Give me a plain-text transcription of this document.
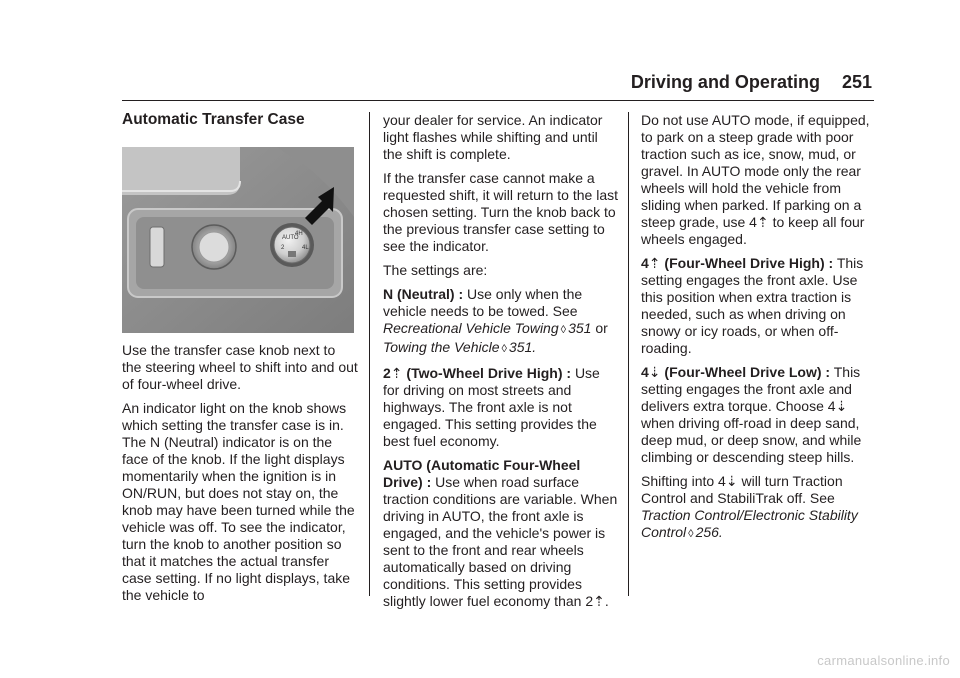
Driving and Operating 251
Automatic Transfer Case
AUTO
4H
2	4L

Use the transfer case knob next to the steering wheel to shift into and out of four-wheel drive.

An indicator light on the knob shows which setting the transfer case is in. The N (Neutral) indicator is on the face of the knob. If the light displays momentarily when the ignition is in ON/RUN, but does not stay on, the knob may have been turned while the vehicle was off. To see the indicator, turn the knob to another position so that it matches the actual transfer case setting. If no light displays, take the vehicle to

your dealer for service. An indicator light flashes while shifting and until the shift is complete.

If the transfer case cannot make a requested shift, it will return to the last chosen setting. Turn the knob back to the previous transfer case setting to see the indicator.

The settings are:

N (Neutral) : Use only when the vehicle needs to be towed. See Recreational Vehicle Towing ◊ 351 or Towing the Vehicle ◊ 351.

2⇡ (Two-Wheel Drive High) : Use for driving on most streets and highways. The front axle is not engaged. This setting provides the best fuel economy.

AUTO (Automatic Four-Wheel Drive) : Use when road surface traction conditions are variable. When driving in AUTO, the front axle is engaged, and the vehicle's power is sent to the front and rear wheels automatically based on driving conditions. This setting provides slightly lower fuel economy than 2⇡.

Do not use AUTO mode, if equipped, to park on a steep grade with poor traction such as ice, snow, mud, or gravel. In AUTO mode only the rear wheels will hold the vehicle from sliding when parked. If parking on a steep grade, use 4⇡ to keep all four wheels engaged.

4⇡ (Four-Wheel Drive High) : This setting engages the front axle. Use this position when extra traction is needed, such as when driving on snowy or icy roads, or when off-roading.

4⇣ (Four-Wheel Drive Low) : This setting engages the front axle and delivers extra torque. Choose 4⇣ when driving off-road in deep sand, deep mud, or deep snow, and while climbing or descending steep hills.

Shifting into 4⇣ will turn Traction Control and StabiliTrak off. See Traction Control/Electronic Stability Control ◊ 256.

carmanualsonline.info
